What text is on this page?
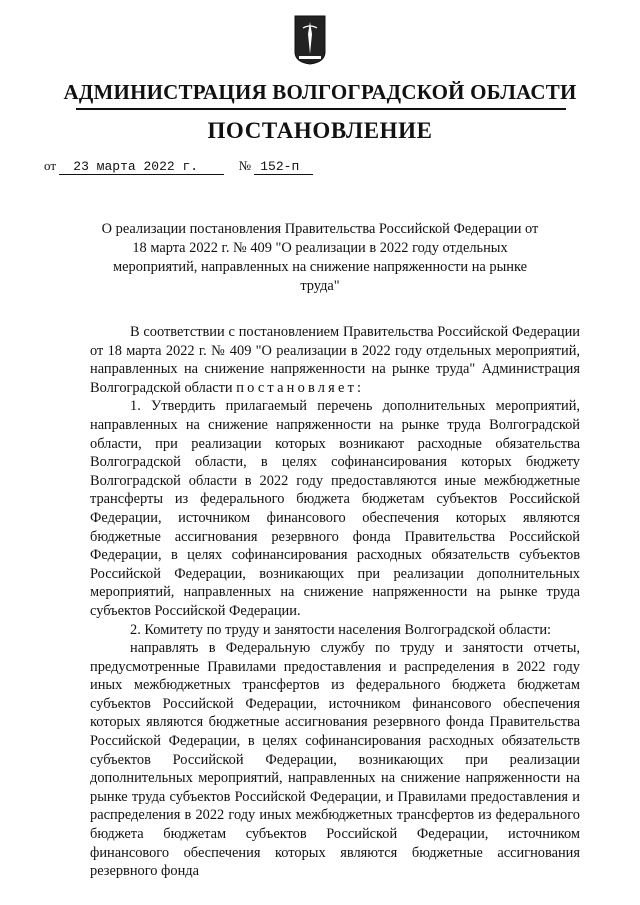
АДМИНИСТРАЦИЯ ВОЛГОГРАДСКОЙ ОБЛАСТИ
ПОСТАНОВЛЕНИЕ
от 23 марта 2022 г.	№ 152-п
О реализации постановления Правительства Российской Федерации от 18 марта 2022 г. № 409 "О реализации в 2022 году отдельных мероприятий, направленных на снижение напряженности на рынке труда"

В соответствии с постановлением Правительства Российской Федерации от 18 марта 2022 г. № 409 "О реализации в 2022 году отдельных мероприятий, направленных на снижение напряженности на рынке труда" Администрация Волгоградской области постановляет:

1. Утвердить прилагаемый перечень дополнительных мероприятий, направленных на снижение напряженности на рынке труда Волгоградской области, при реализации которых возникают расходные обязательства Волгоградской области, в целях софинансирования которых бюджету Волгоградской области в 2022 году предоставляются иные межбюджетные трансферты из федерального бюджета бюджетам субъектов Российской Федерации, источником финансового обеспечения которых являются бюджетные ассигнования резервного фонда Правительства Российской Федерации, в целях софинансирования расходных обязательств субъектов Российской Федерации, возникающих при реализации дополнительных мероприятий, направленных на снижение напряженности на рынке труда субъектов Российской Федерации.

2. Комитету по труду и занятости населения Волгоградской области:

направлять в Федеральную службу по труду и занятости отчеты, предусмотренные Правилами предоставления и распределения в 2022 году иных межбюджетных трансфертов из федерального бюджета бюджетам субъектов Российской Федерации, источником финансового обеспечения которых являются бюджетные ассигнования резервного фонда Правительства Российской Федерации, в целях софинансирования расходных обязательств субъектов Российской Федерации, возникающих при реализации дополнительных мероприятий, направленных на снижение напряженности на рынке труда субъектов Российской Федерации, и Правилами предоставления и распределения в 2022 году иных межбюджетных трансфертов из федерального бюджета бюджетам субъектов Российской Федерации, источником финансового обеспечения которых являются бюджетные ассигнования резервного фонда
